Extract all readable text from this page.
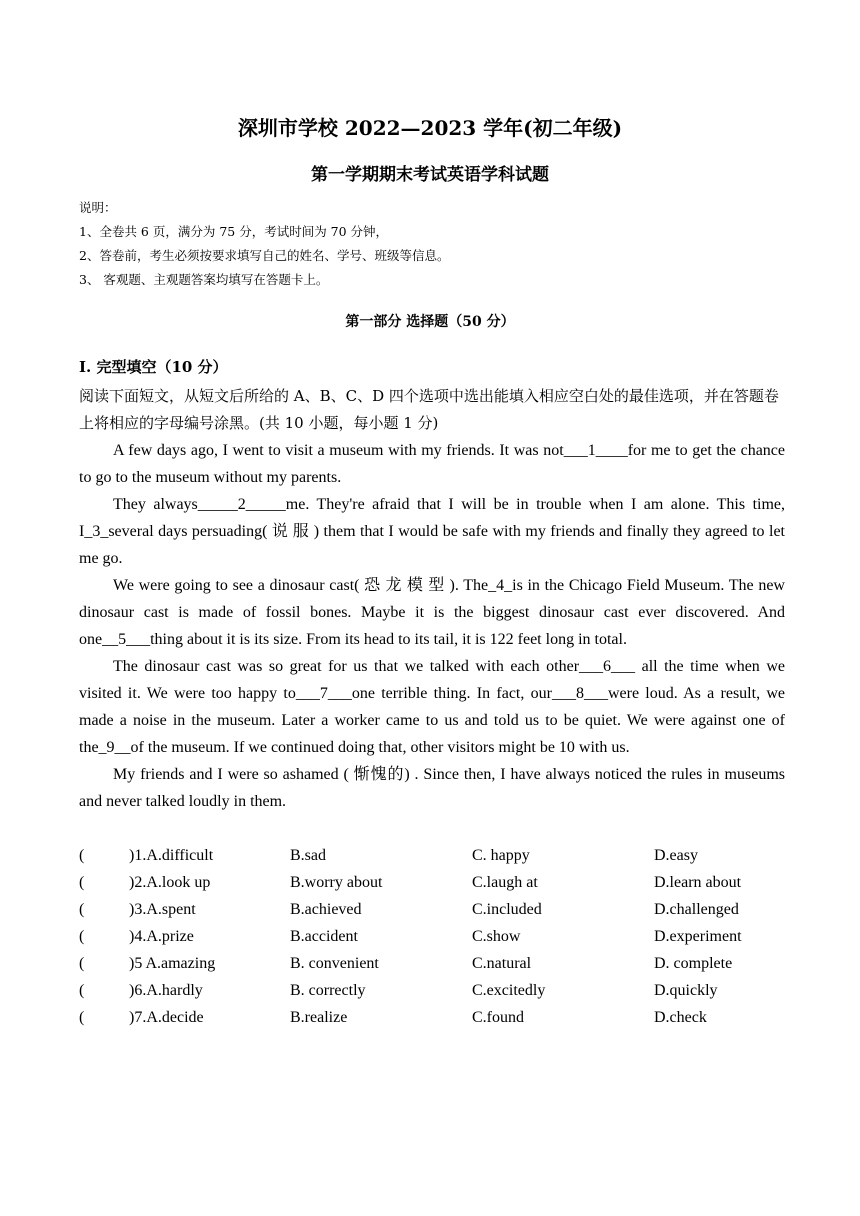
深圳市学校 2022—2023 学年(初二年级)
第一学期期末考试英语学科试题
说明：
1、全卷共 6 页，满分为 75 分，考试时间为 70 分钟，
2、答卷前，考生必须按要求填写自己的姓名、学号、班级等信息。
3、 客观题、主观题答案均填写在答题卡上。
第一部分 选择题（50 分）
I. 完型填空（10 分）
阅读下面短文，从短文后所给的 A、B、C、D 四个选项中选出能填入相应空白处的最佳选项，并在答题卷上将相应的字母编号涂黑。(共 10 小题，每小题 1 分)

A few days ago, I went to visit a museum with my friends. It was not___1____for me to get the chance to go to the museum without my parents.

They always_____2_____me. They're afraid that I will be in trouble when I am alone. This time, I_3_several days persuading( 说 服 ) them that I would be safe with my friends and finally they agreed to let me go.

We were going to see a dinosaur cast( 恐 龙 模 型 ). The_4_is in the Chicago Field Museum. The new dinosaur cast is made of fossil bones. Maybe it is the biggest dinosaur cast ever discovered. And one__5___thing about it is its size. From its head to its tail, it is 122 feet long in total.

The dinosaur cast was so great for us that we talked with each other___6___ all the time when we visited it. We were too happy to___7___one terrible thing. In fact, our___8___were loud. As a result, we made a noise in the museum. Later a worker came to us and told us to be quiet. We were against one of the_9__of the museum. If we continued doing that, other visitors might be 10 with us.

My friends and I were so ashamed ( 惭愧的) . Since then, I have always noticed the rules in museums and never talked loudly in them.

(	)1.A.difficult	B.sad	C. happy	D.easy
(	)2.A.look up	B.worry about	C.laugh at	D.learn about
(	)3.A.spent	B.achieved	C.included	D.challenged
(	)4.A.prize	B.accident	C.show	D.experiment
(	)5 A.amazing	B. convenient	C.natural	D. complete
(	)6.A.hardly	B. correctly	C.excitedly	D.quickly
(	)7.A.decide	B.realize	C.found	D.check
